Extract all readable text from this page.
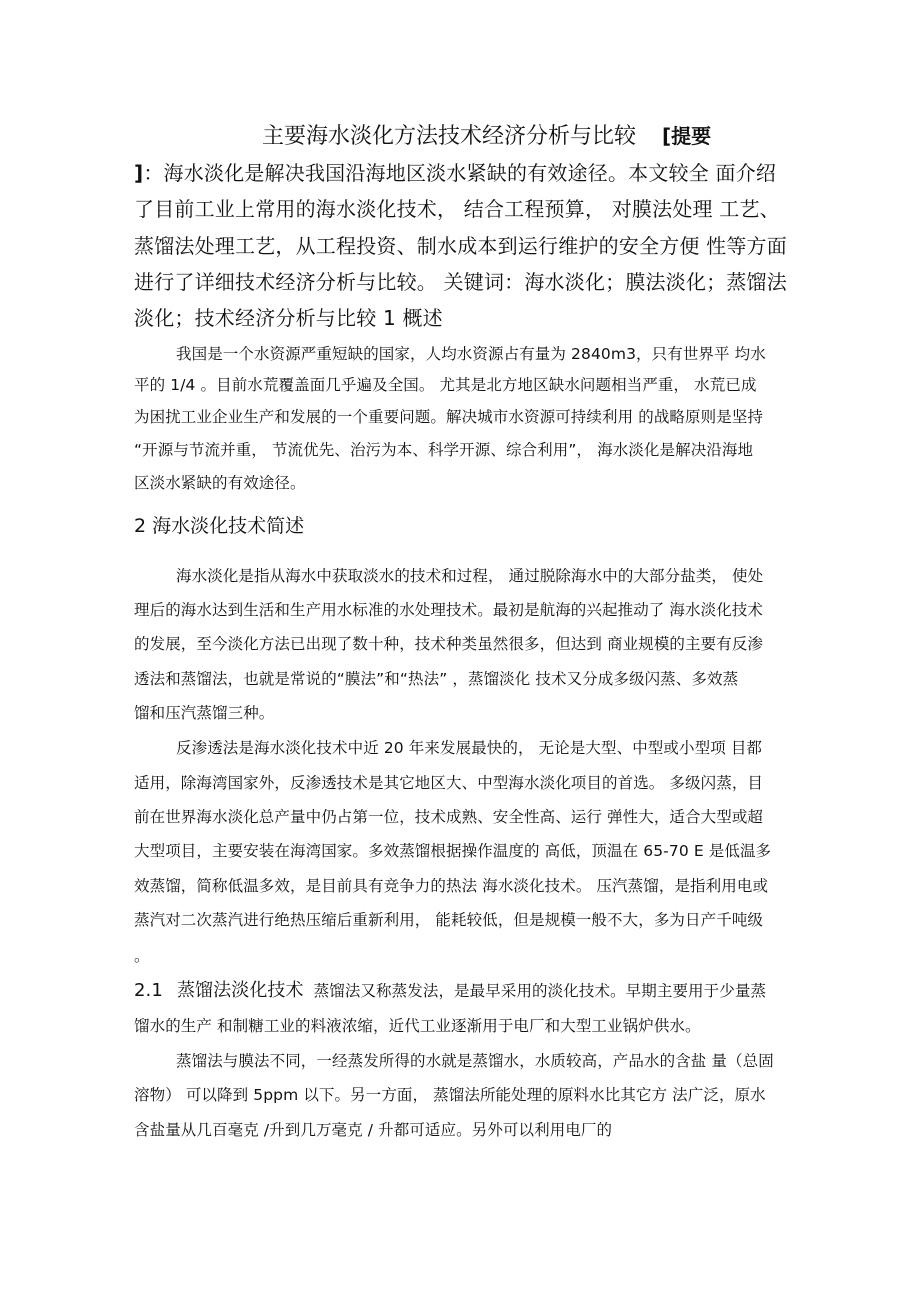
主要海水淡化方法技术经济分析与比较 [提要
]：海水淡化是解决我国沿海地区淡水紧缺的有效途径。本文较全 面介绍
了目前工业上常用的海水淡化技术， 结合工程预算， 对膜法处理 工艺、
蒸馏法处理工艺，从工程投资、制水成本到运行维护的安全方便 性等方面
进行了详细技术经济分析与比较。 关键词：海水淡化；膜法淡化；蒸馏法
淡化；技术经济分析与比较 1 概述
我国是一个水资源严重短缺的国家，人均水资源占有量为 2840m3，只有世界平 均水
平的 1/4 。目前水荒覆盖面几乎遍及全国。 尤其是北方地区缺水问题相当严重， 水荒已成
为困扰工业企业生产和发展的一个重要问题。解决城市水资源可持续利用 的战略原则是坚持
“开源与节流并重， 节流优先、治污为本、科学开源、综合利用”， 海水淡化是解决沿海地
区淡水紧缺的有效途径。
2 海水淡化技术简述
海水淡化是指从海水中获取淡水的技术和过程， 通过脱除海水中的大部分盐类， 使处
理后的海水达到生活和生产用水标准的水处理技术。最初是航海的兴起推动了 海水淡化技术
的发展，至今淡化方法已出现了数十种，技术种类虽然很多，但达到 商业规模的主要有反渗
透法和蒸馏法，也就是常说的“膜法”和“热法” ，蒸馏淡化 技术又分成多级闪蒸、多效蒸
馏和压汽蒸馏三种。
反渗透法是海水淡化技术中近 20 年来发展最快的， 无论是大型、中型或小型项 目都
适用，除海湾国家外，反渗透技术是其它地区大、中型海水淡化项目的首选。 多级闪蒸，目
前在世界海水淡化总产量中仍占第一位，技术成熟、安全性高、运行 弹性大，适合大型或超
大型项目，主要安装在海湾国家。多效蒸馏根据操作温度的 高低，顶温在 65-70 E 是低温多
效蒸馏，简称低温多效，是目前具有竞争力的热法 海水淡化技术。 压汽蒸馏，是指利用电或
蒸汽对二次蒸汽进行绝热压缩后重新利用， 能耗较低，但是规模一般不大，多为日产千吨级
。
2.1 蒸馏法淡化技术 蒸馏法又称蒸发法，是最早采用的淡化技术。早期主要用于少量蒸
馏水的生产 和制糖工业的料液浓缩，近代工业逐渐用于电厂和大型工业锅炉供水。
蒸馏法与膜法不同，一经蒸发所得的水就是蒸馏水，水质较高，产品水的含盐 量（总固
溶物） 可以降到 5ppm 以下。另一方面， 蒸馏法所能处理的原料水比其它方 法广泛，原水
含盐量从几百毫克 /升到几万毫克 / 升都可适应。另外可以利用电厂的
